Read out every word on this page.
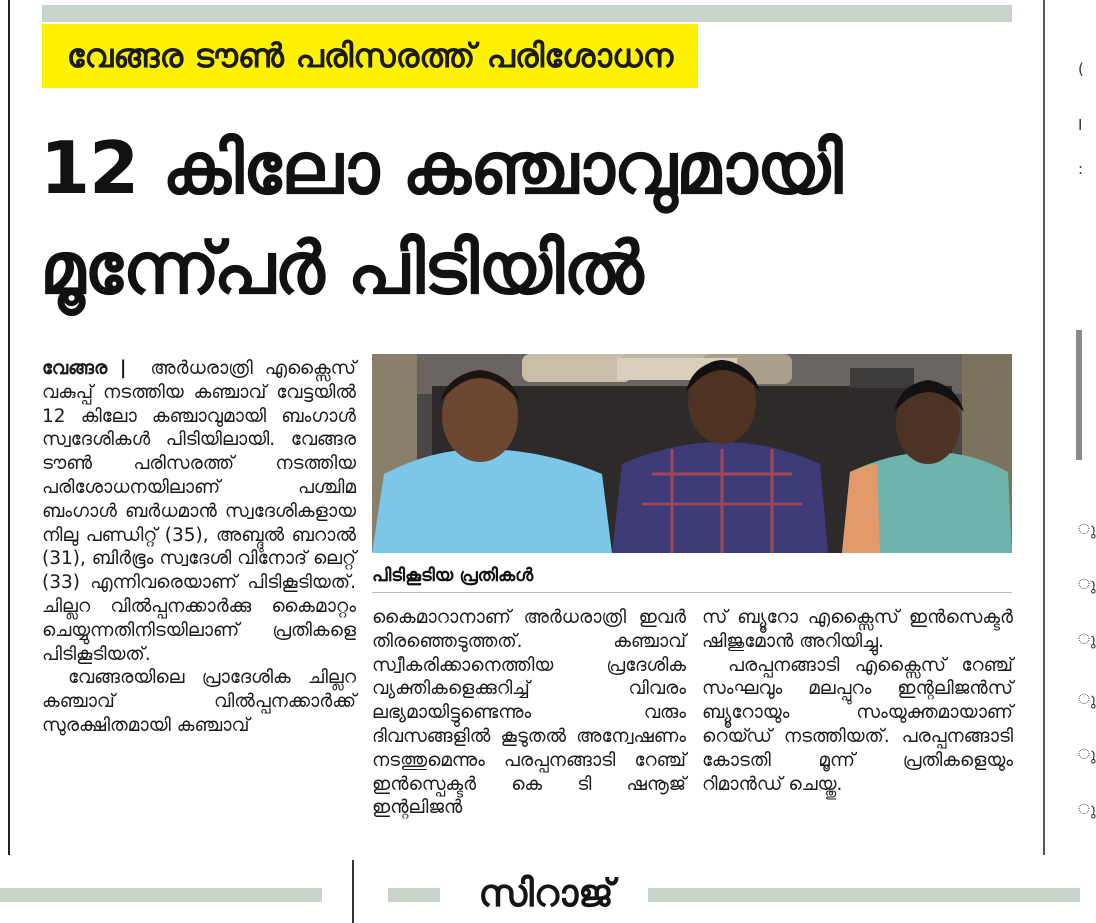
(
I
:
ു
ു
ു
ു
ു
ു
വേങ്ങര ടൗൺ പരിസരത്ത് പരിശോധന
12 കിലോ കഞ്ചാവുമായി
മൂന്ന്പേർ പിടിയിൽ

വേങ്ങര | അർധരാത്രി എക്സൈസ് വകുപ്പ് നടത്തിയ കഞ്ചാവ് വേട്ടയിൽ 12 കിലോ കഞ്ചാവുമായി ബംഗാൾ സ്വദേശികൾ പിടിയിലായി. വേങ്ങര ടൗൺ പരിസരത്ത് നടത്തിയ പരിശോധനയിലാണ് പശ്ചിമ ബംഗാൾ ബർധമാൻ സ്വദേശികളായ നിലു പണ്ഡിറ്റ് (35), അബ്ദുൽ ബറാൽ (31), ബിർഭൂം സ്വദേശി വിനോദ് ലെറ്റ് (33) എന്നിവരെയാണ് പിടികൂടിയത്. ചില്ലറ വിൽപ്പനക്കാർക്കു കൈമാറ്റം ചെയ്യുന്നതിനിടയിലാണ് പ്രതികളെ പിടികൂടിയത്.

വേങ്ങരയിലെ പ്രാദേശിക ചില്ലറ കഞ്ചാവ് വിൽപ്പനക്കാർക്ക് സുരക്ഷിതമായി കഞ്ചാവ്

പിടികൂടിയ പ്രതികൾ

കൈമാറാനാണ് അർധരാത്രി ഇവർ തിരഞ്ഞെടുത്തത്. കഞ്ചാവ് സ്വീകരിക്കാനെത്തിയ പ്രദേശിക വ്യക്തികളെക്കുറിച്ച് വിവരം ലഭ്യമായിട്ടുണ്ടെന്നും വരും ദിവസങ്ങളിൽ കൂടുതൽ അന്വേഷണം നടത്തുമെന്നും പരപ്പനങ്ങാടി റേഞ്ച് ഇൻസ്പെക്ടർ കെ ടി ഷനൂജ് ഇന്റലിജൻ

സ് ബ്യൂറോ എക്സൈസ് ഇൻസെക്ടർ ഷിജുമോൻ അറിയിച്ചു.

പരപ്പനങ്ങാടി എക്സൈസ് റേഞ്ച് സംഘവും മലപ്പുറം ഇന്റലിജൻസ് ബ്യൂറോയും സംയുക്തമായാണ് റെയ്ഡ് നടത്തിയത്. പരപ്പനങ്ങാടി കോടതി മൂന്ന് പ്രതികളെയും റിമാൻഡ് ചെയ്തു.

സിറാജ്
